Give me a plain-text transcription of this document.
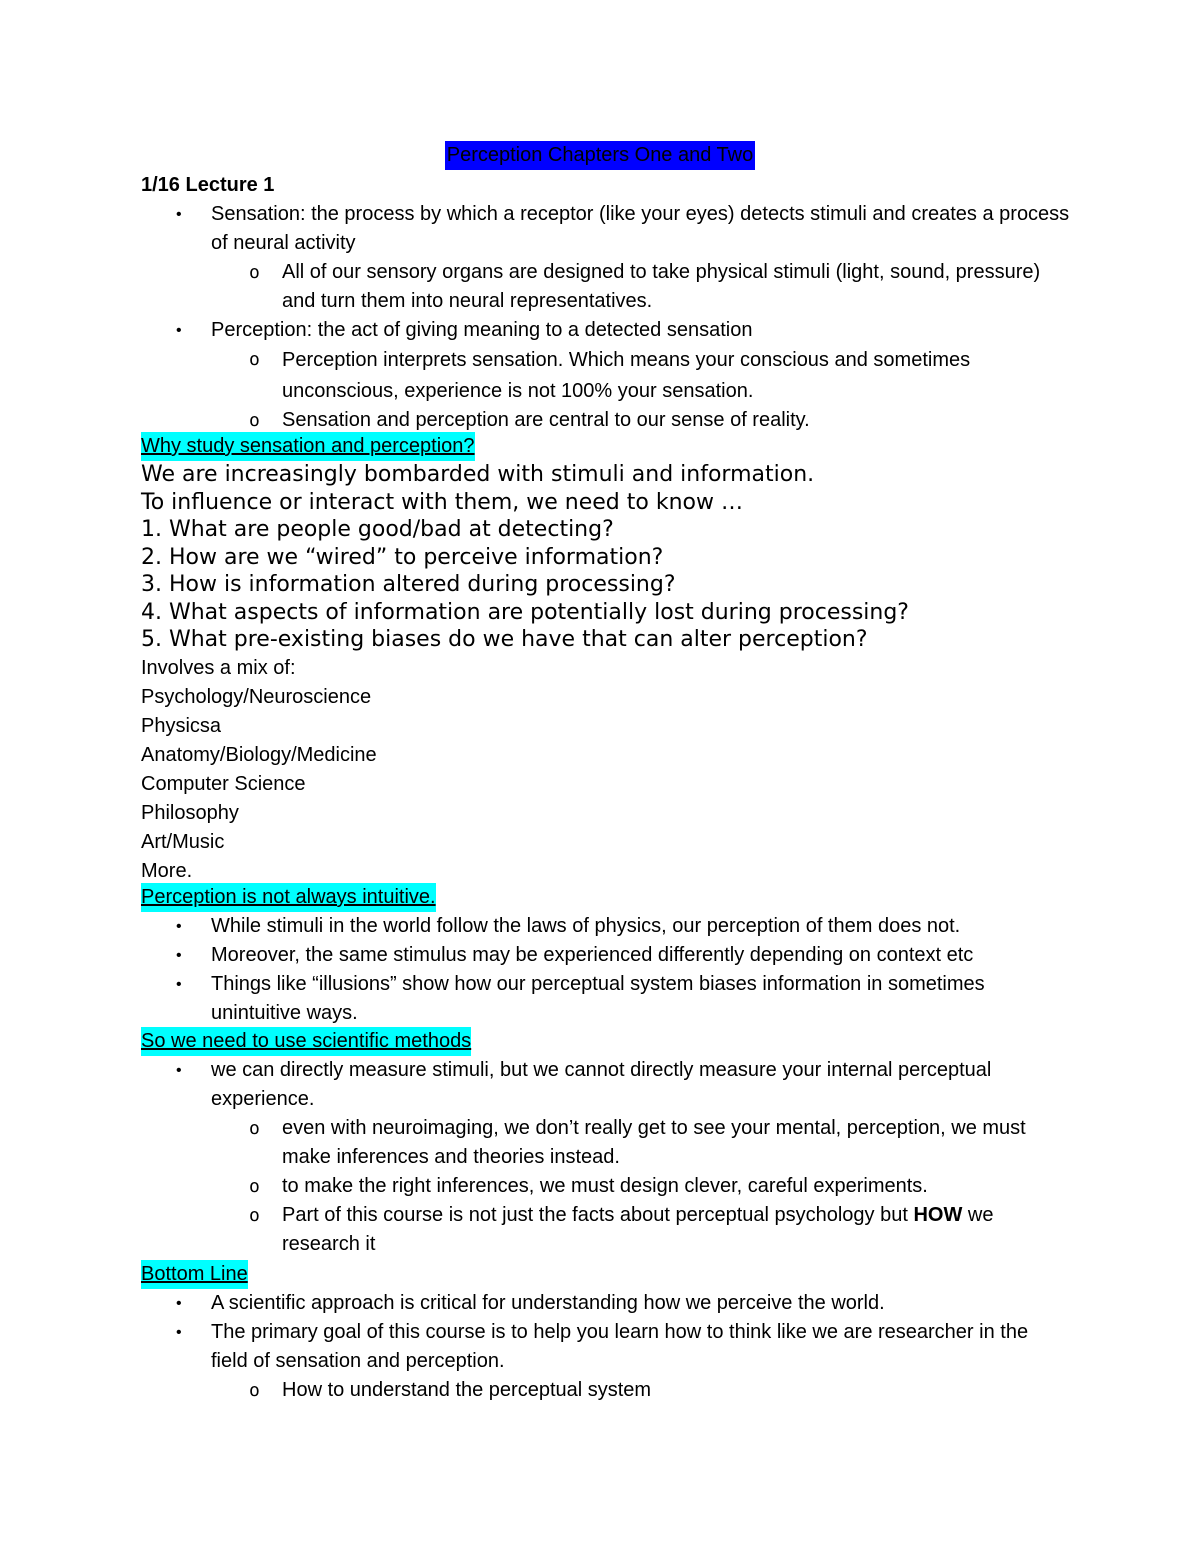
Perception Chapters One and Two
1/16 Lecture 1
• Sensation: the process by which a receptor (like your eyes) detects stimuli and creates a process of neural activity
o All of our sensory organs are designed to take physical stimuli (light, sound, pressure) and turn them into neural representatives.
• Perception: the act of giving meaning to a detected sensation
o Perception interprets sensation. Which means your conscious and sometimes unconscious, experience is not 100% your sensation.
o Sensation and perception are central to our sense of reality.
Why study sensation and perception?
We are increasingly bombarded with stimuli and information.
To influence or interact with them, we need to know …
1. What are people good/bad at detecting?
2. How are we “wired” to perceive information?
3. How is information altered during processing?
4. What aspects of information are potentially lost during processing?
5. What pre-existing biases do we have that can alter perception?
Involves a mix of:
Psychology/Neuroscience
Physicsa
Anatomy/Biology/Medicine
Computer Science
Philosophy
Art/Music
More.
Perception is not always intuitive.
• While stimuli in the world follow the laws of physics, our perception of them does not.
• Moreover, the same stimulus may be experienced differently depending on context etc
• Things like “illusions” show how our perceptual system biases information in sometimes unintuitive ways.
So we need to use scientific methods
• we can directly measure stimuli, but we cannot directly measure your internal perceptual experience.
o even with neuroimaging, we don’t really get to see your mental, perception, we must make inferences and theories instead.
o to make the right inferences, we must design clever, careful experiments.
o Part of this course is not just the facts about perceptual psychology but HOW we research it
Bottom Line
• A scientific approach is critical for understanding how we perceive the world.
• The primary goal of this course is to help you learn how to think like we are researcher in the field of sensation and perception.
o How to understand the perceptual system
